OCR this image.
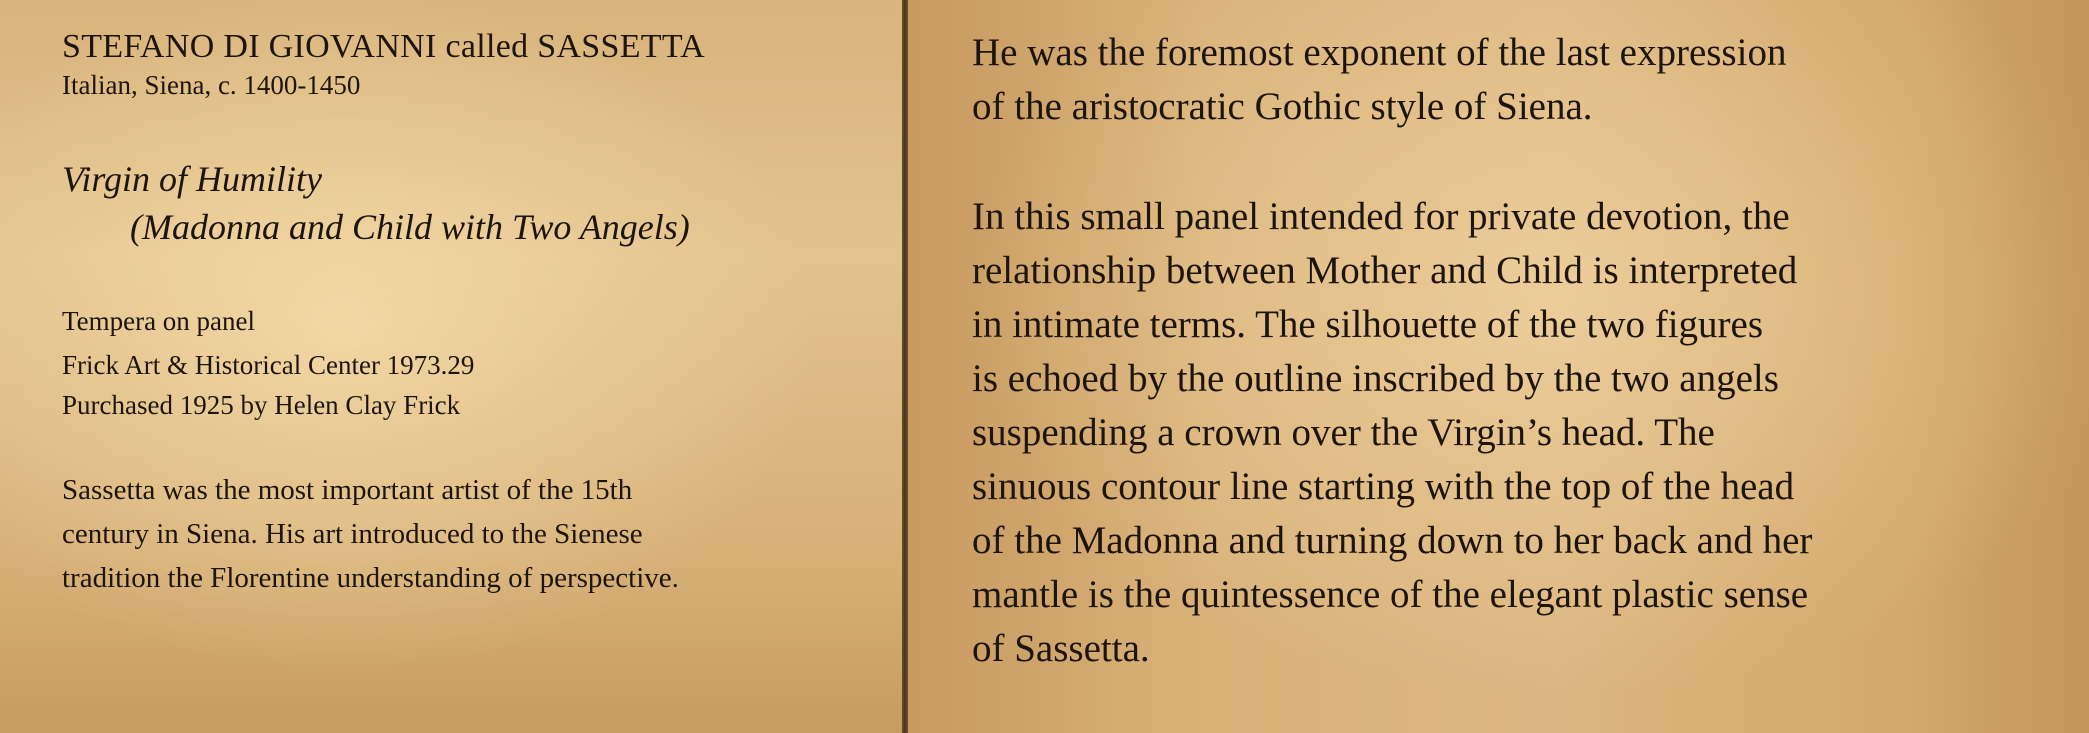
STEFANO DI GIOVANNI called SASSETTA

Italian, Siena, c. 1400-1450

Virgin of Humility

(Madonna and Child with Two Angels)

Tempera on panel

Frick Art & Historical Center 1973.29

Purchased 1925 by Helen Clay Frick

Sassetta was the most important artist of the 15th

century in Siena. His art introduced to the Sienese

tradition the Florentine understanding of perspective.

He was the foremost exponent of the last expression

of the aristocratic Gothic style of Siena.

In this small panel intended for private devotion, the

relationship between Mother and Child is interpreted

in intimate terms. The silhouette of the two figures

is echoed by the outline inscribed by the two angels

suspending a crown over the Virgin’s head. The

sinuous contour line starting with the top of the head

of the Madonna and turning down to her back and her

mantle is the quintessence of the elegant plastic sense

of Sassetta.
